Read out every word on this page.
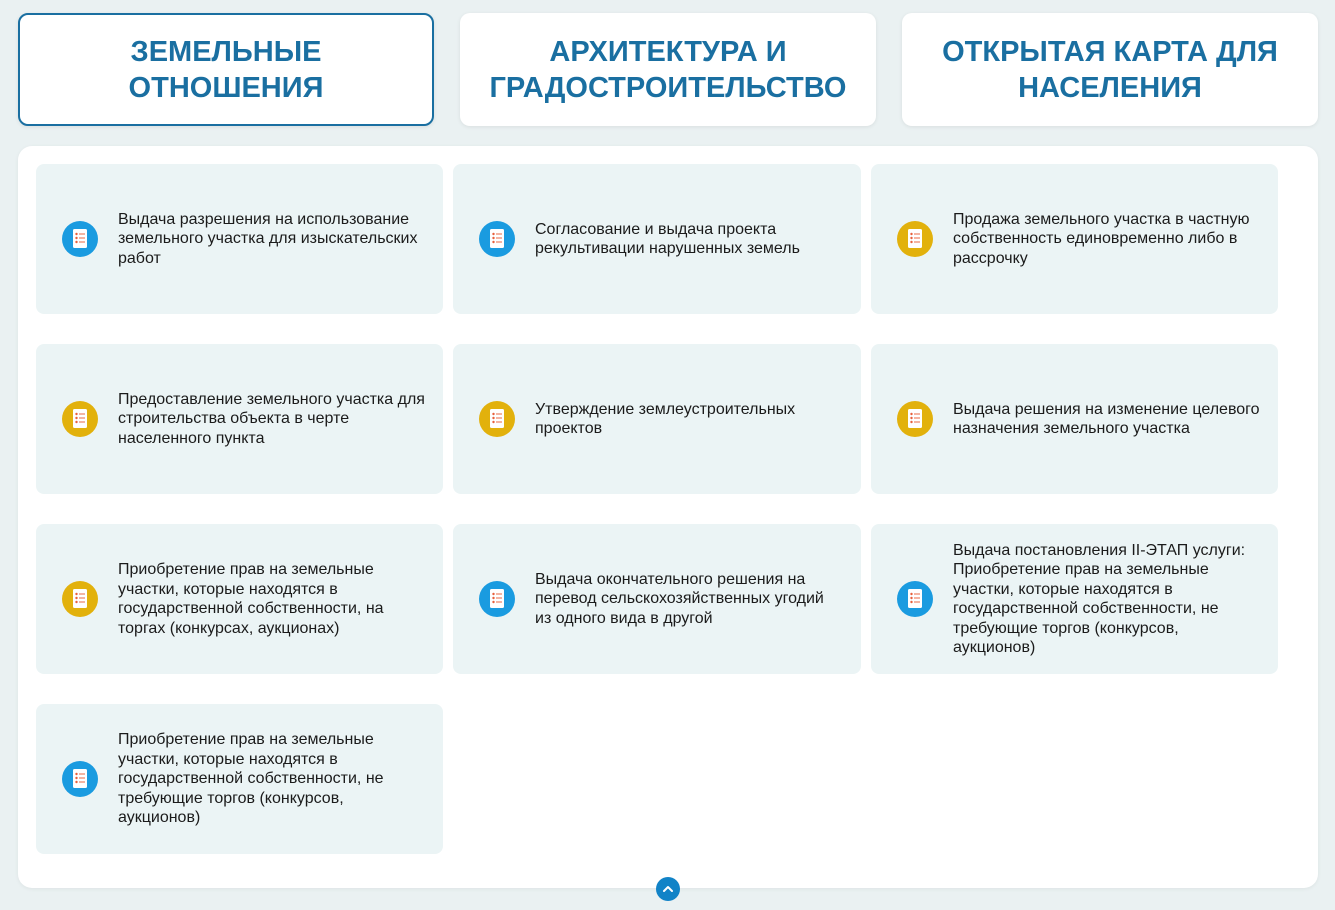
ЗЕМЕЛЬНЫЕ ОТНОШЕНИЯ
АРХИТЕКТУРА И ГРАДОСТРОИТЕЛЬСТВО
ОТКРЫТАЯ КАРТА ДЛЯ НАСЕЛЕНИЯ
Выдача разрешения на использование земельного участка для изыскательских работ
Согласование и выдача проекта рекультивации нарушенных земель
Продажа земельного участка в частную собственность единовременно либо в рассрочку
Предоставление земельного участка для строительства объекта в черте населенного пункта
Утверждение землеустроительных проектов
Выдача решения на изменение целевого назначения земельного участка
Приобретение прав на земельные участки, которые находятся в государственной собственности, на торгах (конкурсах, аукционах)
Выдача окончательного решения на перевод сельскохозяйственных угодий из одного вида в другой
Выдача постановления II-ЭТАП услуги: Приобретение прав на земельные участки, которые находятся в государственной собственности, не требующие торгов (конкурсов, аукционов)
Приобретение прав на земельные участки, которые находятся в государственной собственности, не требующие торгов (конкурсов, аукционов)
